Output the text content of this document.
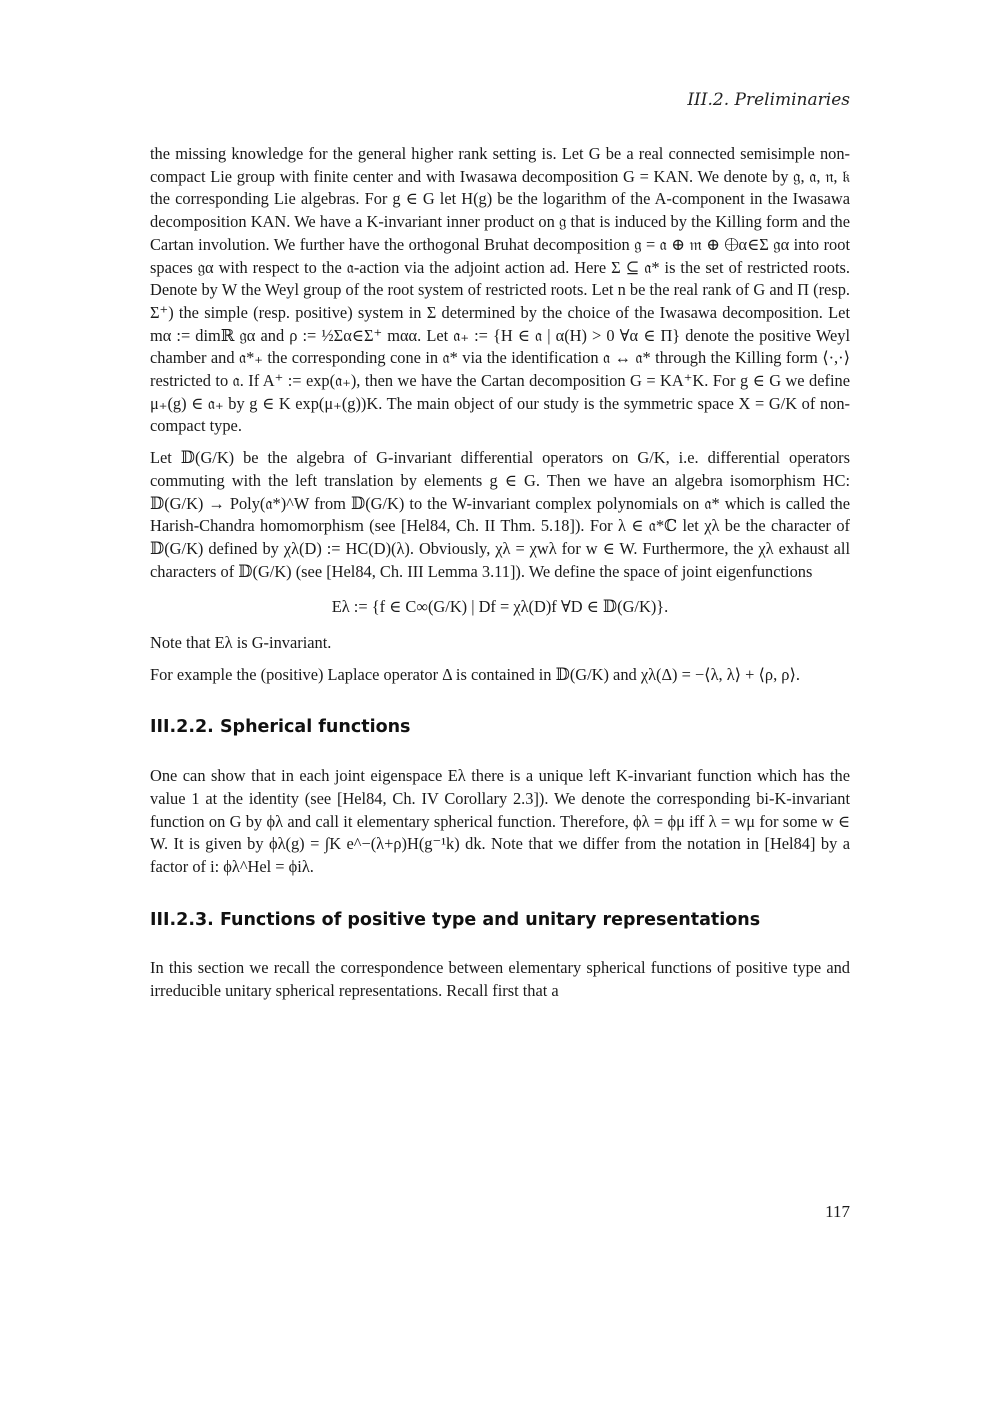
III.2. Preliminaries

the missing knowledge for the general higher rank setting is. Let G be a real connected semisimple non-compact Lie group with finite center and with Iwasawa decomposition G = KAN. We denote by 𝔤, 𝔞, 𝔫, 𝔨 the corresponding Lie algebras. For g ∈ G let H(g) be the logarithm of the A-component in the Iwasawa decomposition KAN. We have a K-invariant inner product on 𝔤 that is induced by the Killing form and the Cartan involution. We further have the orthogonal Bruhat decomposition 𝔤 = 𝔞 ⊕ 𝔪 ⊕ ⨁α∈Σ 𝔤α into root spaces 𝔤α with respect to the 𝔞-action via the adjoint action ad. Here Σ ⊆ 𝔞* is the set of restricted roots. Denote by W the Weyl group of the root system of restricted roots. Let n be the real rank of G and Π (resp. Σ⁺) the simple (resp. positive) system in Σ determined by the choice of the Iwasawa decomposition. Let mα := dimℝ 𝔤α and ρ := ½Σα∈Σ⁺ mαα. Let 𝔞₊ := {H ∈ 𝔞 | α(H) > 0 ∀α ∈ Π} denote the positive Weyl chamber and 𝔞*₊ the corresponding cone in 𝔞* via the identification 𝔞 ↔ 𝔞* through the Killing form ⟨·,·⟩ restricted to 𝔞. If A⁺ := exp(𝔞₊), then we have the Cartan decomposition G = KA⁺K. For g ∈ G we define μ₊(g) ∈ 𝔞₊ by g ∈ K exp(μ₊(g))K. The main object of our study is the symmetric space X = G/K of non-compact type.

Let 𝔻(G/K) be the algebra of G-invariant differential operators on G/K, i.e. differential operators commuting with the left translation by elements g ∈ G. Then we have an algebra isomorphism HC: 𝔻(G/K) → Poly(𝔞*)^W from 𝔻(G/K) to the W-invariant complex polynomials on 𝔞* which is called the Harish-Chandra homomorphism (see [Hel84, Ch. II Thm. 5.18]). For λ ∈ 𝔞*ℂ let χλ be the character of 𝔻(G/K) defined by χλ(D) := HC(D)(λ). Obviously, χλ = χwλ for w ∈ W. Furthermore, the χλ exhaust all characters of 𝔻(G/K) (see [Hel84, Ch. III Lemma 3.11]). We define the space of joint eigenfunctions

Eλ := {f ∈ C∞(G/K) | Df = χλ(D)f ∀D ∈ 𝔻(G/K)}.

Note that Eλ is G-invariant.

For example the (positive) Laplace operator Δ is contained in 𝔻(G/K) and χλ(Δ) = −⟨λ, λ⟩ + ⟨ρ, ρ⟩.

III.2.2. Spherical functions

One can show that in each joint eigenspace Eλ there is a unique left K-invariant function which has the value 1 at the identity (see [Hel84, Ch. IV Corollary 2.3]). We denote the corresponding bi-K-invariant function on G by ϕλ and call it elementary spherical function. Therefore, ϕλ = ϕμ iff λ = wμ for some w ∈ W. It is given by ϕλ(g) = ∫K e^−(λ+ρ)H(g⁻¹k) dk. Note that we differ from the notation in [Hel84] by a factor of i: ϕλ^Hel = ϕiλ.

III.2.3. Functions of positive type and unitary representations

In this section we recall the correspondence between elementary spherical functions of positive type and irreducible unitary spherical representations. Recall first that a

117
